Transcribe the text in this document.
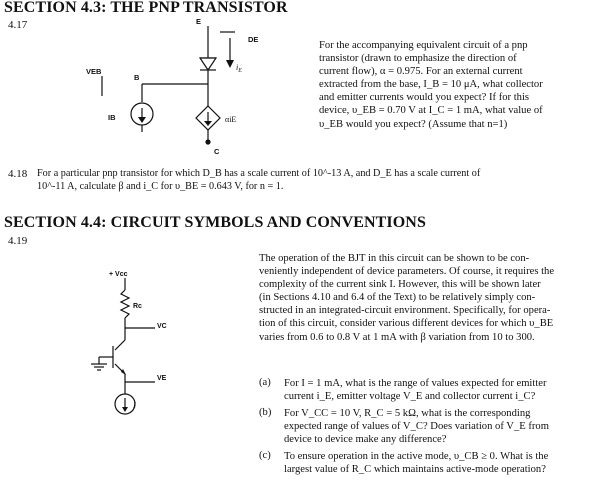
SECTION 4.3: THE PNP TRANSISTOR
4.17	E
DE
$i_E$
VEB
B
IB	αiE
C
For the accompanying equivalent circuit of a pnp
transistor (drawn to emphasize the direction of
current flow), α = 0.975. For an external current
extracted from the base, I_B = 10 μA, what collector
and emitter currents would you expect? If for this
device, υ_EB = 0.70 V at I_C = 1 mA, what value of
υ_EB would you expect? (Assume that n=1)
4.18 For a particular pnp transistor for which D_B has a scale current of 10^-13 A, and D_E has a scale current of
10^-11 A, calculate β and i_C for υ_BE = 0.643 V, for n = 1.
SECTION 4.4: CIRCUIT SYMBOLS AND CONVENTIONS
4.19
+ Vcc
Rc
VC
VE
I
The operation of the BJT in this circuit can be shown to be con-
veniently independent of device parameters. Of course, it requires the
complexity of the current sink I. However, this will be shown later
(in Sections 4.10 and 6.4 of the Text) to be relatively simply con-
structed in an integrated-circuit environment. Specifically, for opera-
tion of this circuit, consider various different devices for which υ_BE
varies from 0.6 to 0.8 V at 1 mA with β variation from 10 to 300.
(a) For I = 1 mA, what is the range of values expected for emitter
current i_E, emitter voltage V_E and collector current i_C?
(b) For V_CC = 10 V, R_C = 5 kΩ, what is the corresponding
expected range of values of V_C? Does variation of V_E from
device to device make any difference?
(c) To ensure operation in the active mode, υ_CB ≥ 0. What is the
largest value of R_C which maintains active-mode operation?
